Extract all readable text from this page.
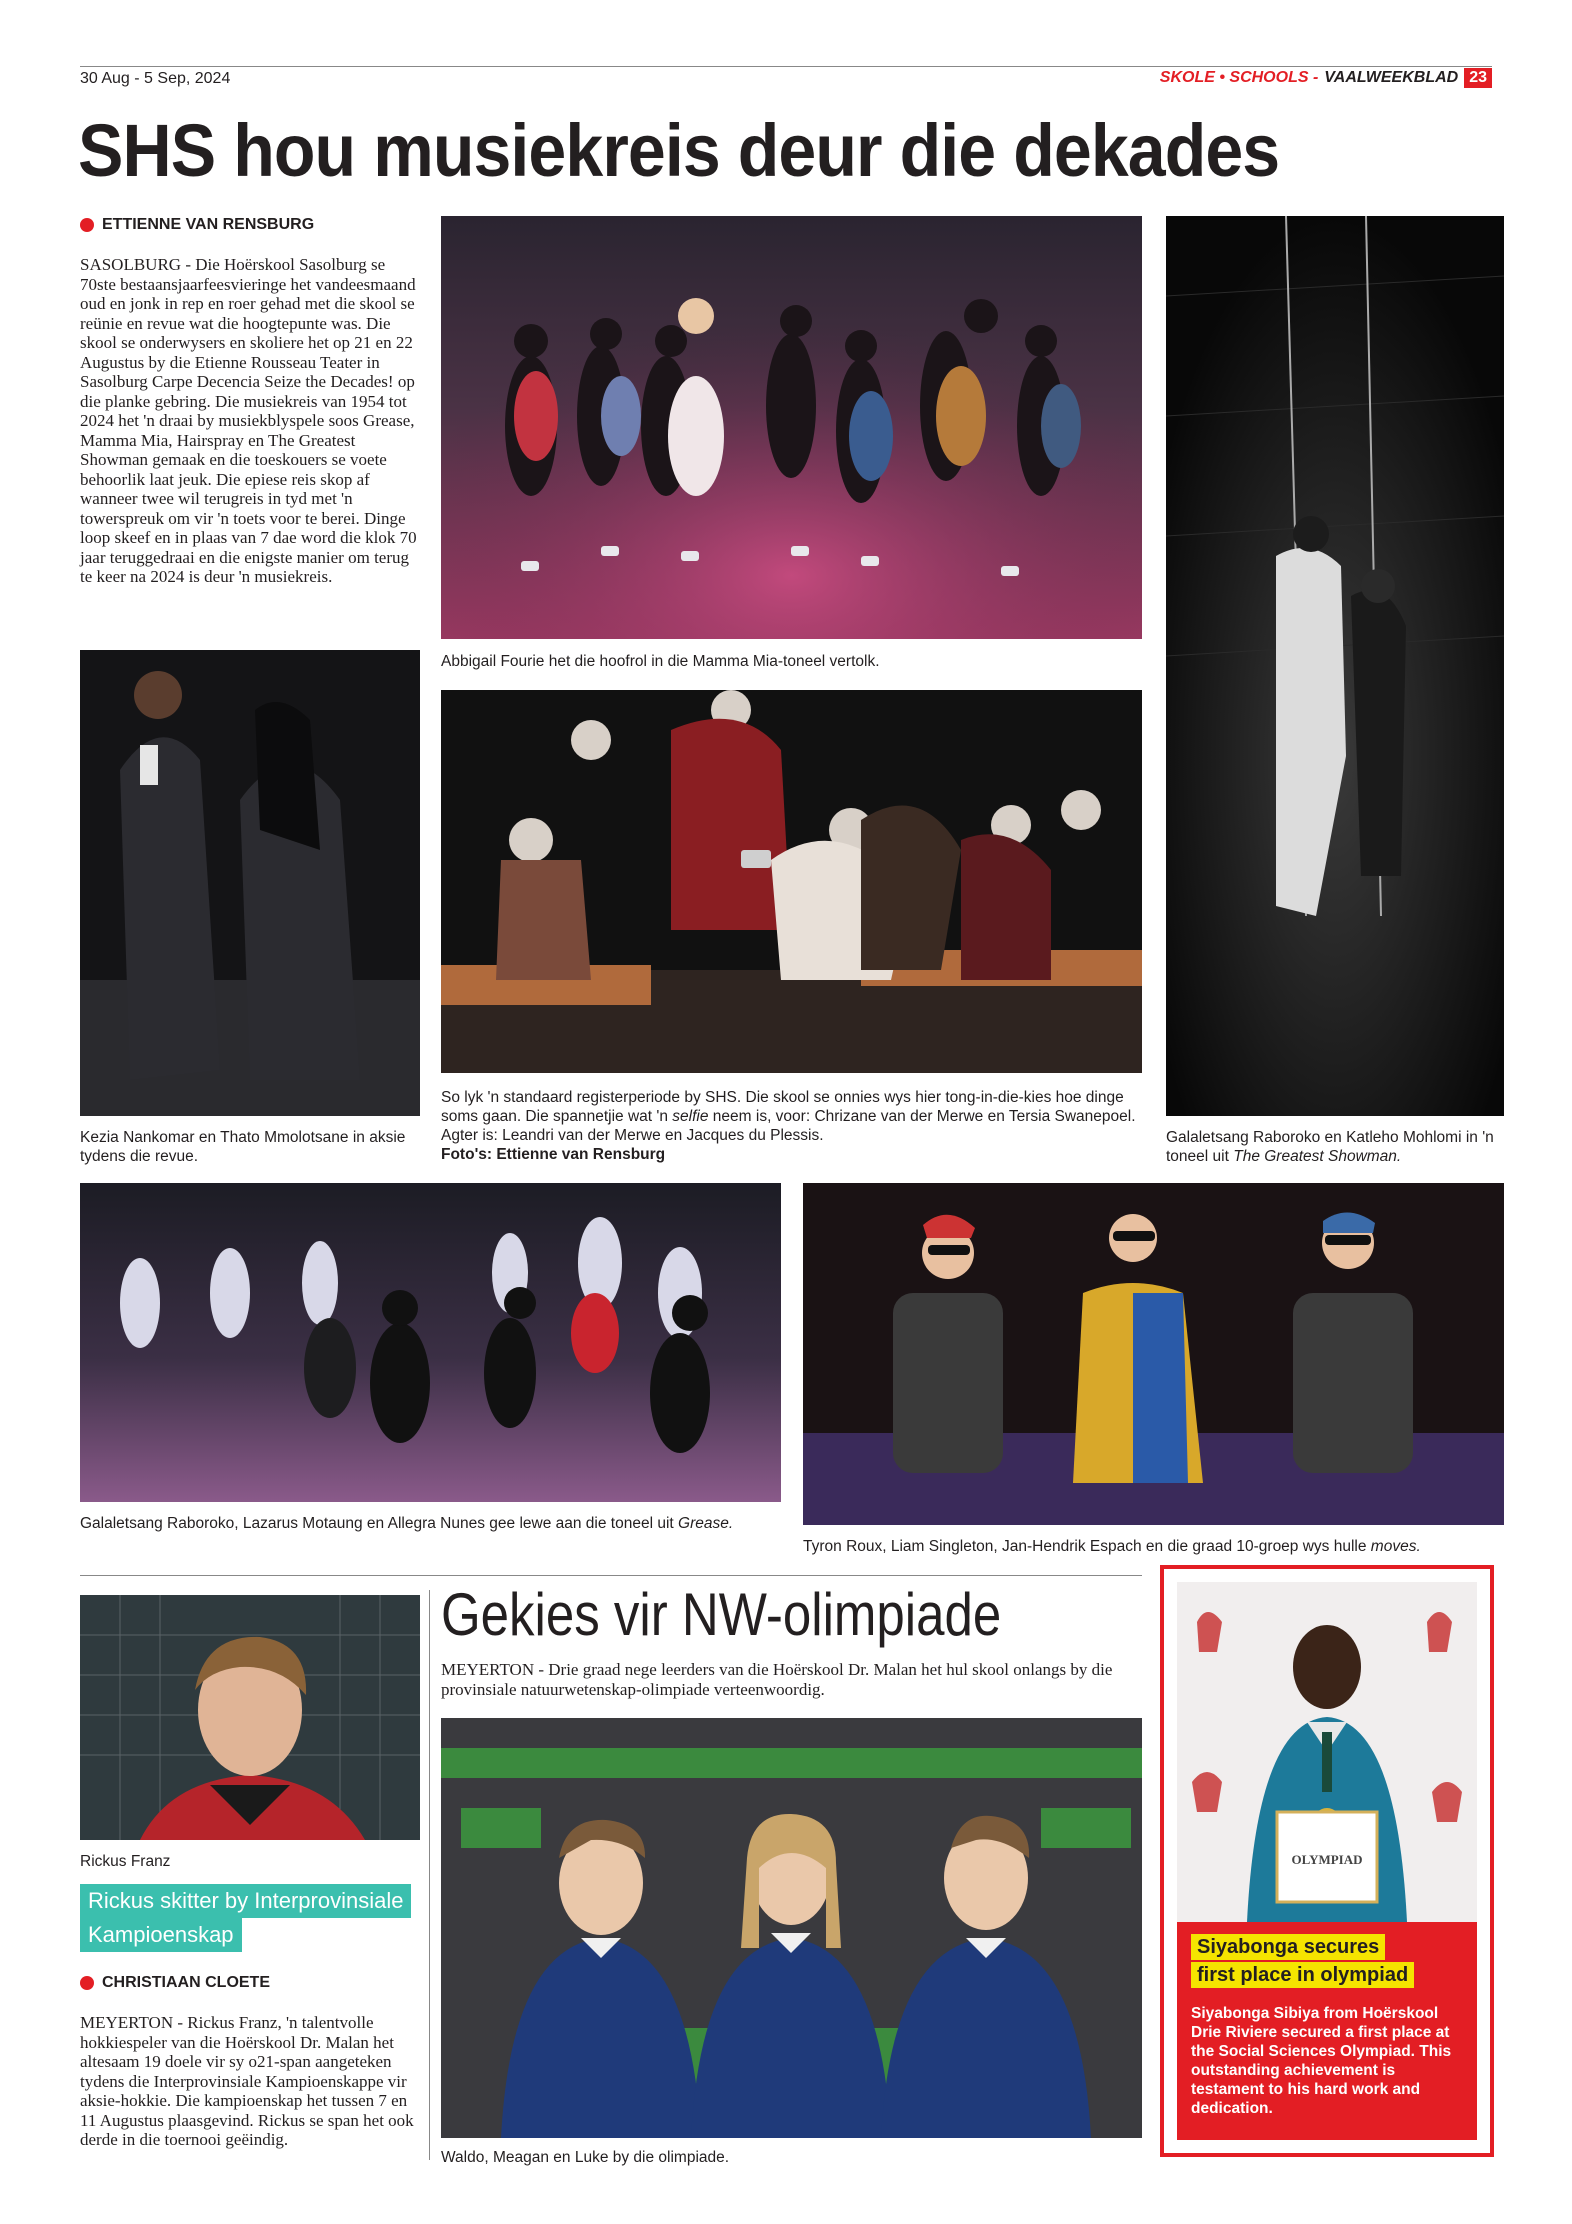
30 Aug - 5 Sep, 2024	SKOLE • SCHOOLS - VAALWEEKBLAD 23
SHS hou musiekreis deur die dekades
ETTIENNE VAN RENSBURG
SASOLBURG - Die Hoërskool Sasolburg se 70ste bestaansjaarfeesvieringe het vandeesmaand oud en jonk in rep en roer gehad met die skool se reünie en revue wat die hoogtepunte was. Die skool se onderwysers en skoliere het op 21 en 22 Augustus by die Etienne Rousseau Teater in Sasolburg Carpe Decencia Seize the Decades! op die planke gebring. Die musiekreis van 1954 tot 2024 het 'n draai by musiekblyspele soos Grease, Mamma Mia, Hairspray en The Greatest Showman gemaak en die toeskouers se voete behoorlik laat jeuk. Die epiese reis skop af wanneer twee wil terugreis in tyd met 'n towerspreuk om vir 'n toets voor te berei. Dinge loop skeef en in plaas van 7 dae word die klok 70 jaar teruggedraai en die enigste manier om terug te keer na 2024 is deur 'n musiekreis.
Abbigail Fourie het die hoofrol in die Mamma Mia-toneel vertolk.
Kezia Nankomar en Thato Mmolotsane in aksie tydens die revue.
So lyk 'n standaard registerperiode by SHS. Die skool se onnies wys hier tong-in-die-kies hoe dinge soms gaan. Die spannetjie wat 'n selfie neem is, voor: Chrizane van der Merwe en Tersia Swanepoel. Agter is: Leandri van der Merwe en Jacques du Plessis.
Foto's: Ettienne van Rensburg
Galaletsang Raboroko en Katleho Mohlomi in 'n toneel uit The Greatest Showman.
Galaletsang Raboroko, Lazarus Motaung en Allegra Nunes gee lewe aan die toneel uit Grease.
Tyron Roux, Liam Singleton, Jan-Hendrik Espach en die graad 10-groep wys hulle moves.
Rickus Franz
Rickus skitter by Interprovinsiale
Kampioenskap
CHRISTIAAN CLOETE
MEYERTON - Rickus Franz, 'n talentvolle hokkiespeler van die Hoërskool Dr. Malan het altesaam 19 doele vir sy o21-span aangeteken tydens die Interprovinsiale Kampioenskappe vir aksie-hokkie. Die kampioenskap het tussen 7 en 11 Augustus plaasgevind. Rickus se span het ook derde in die toernooi geëindig.
Gekies vir NW-olimpiade
MEYERTON - Drie graad nege leerders van die Hoërskool Dr. Malan het hul skool onlangs by die provinsiale natuurwetenskap-olimpiade verteenwoordig.
Waldo, Meagan en Luke by die olimpiade.
OLYMPIAD
Siyabonga secures
first place in olympiad
Siyabonga Sibiya from Hoërskool Drie Riviere secured a first place at the Social Sciences Olympiad. This outstanding achievement is testament to his hard work and dedication.
